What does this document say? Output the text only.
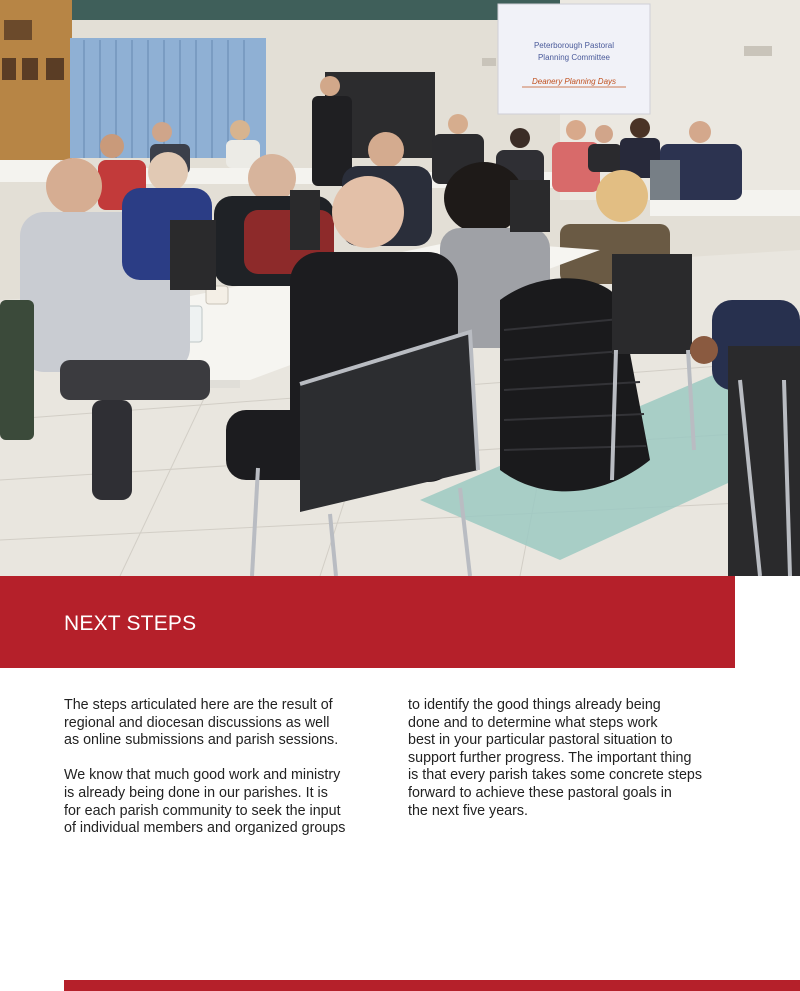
Peterborough Pastoral
Planning Committee
Deanery Planning Days
NEXT STEPS

The steps articulated here are the result of
regional and diocesan discussions as well
as online submissions and parish sessions.

We know that much good work and ministry
is already being done in our parishes. It is
for each parish community to seek the input
of individual members and organized groups

to identify the good things already being
done and to determine what steps work
best in your particular pastoral situation to
support further progress. The important thing
is that every parish takes some concrete steps
forward to achieve these pastoral goals in
the next five years.
